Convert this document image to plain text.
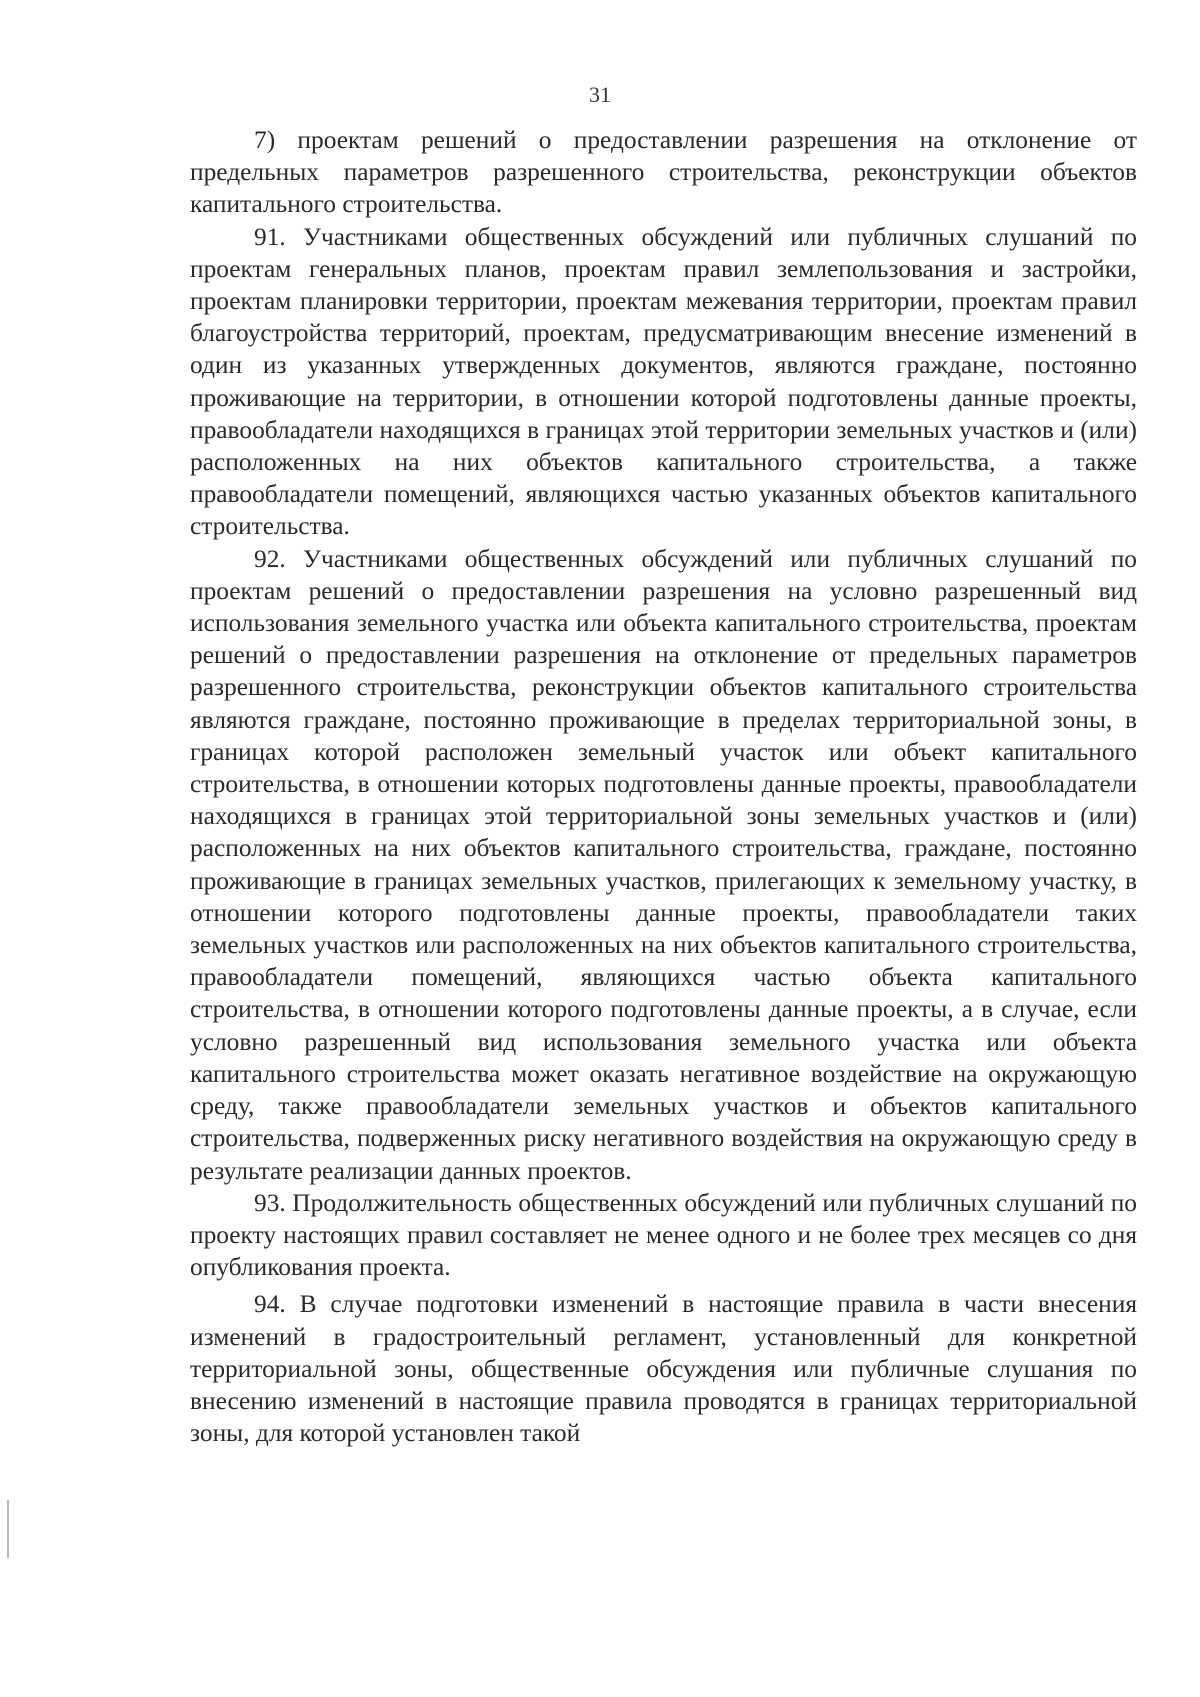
31

7) проектам решений о предоставлении разрешения на отклонение от предельных параметров разрешенного строительства, реконструкции объектов капитального строительства.

91. Участниками общественных обсуждений или публичных слушаний по проектам генеральных планов, проектам правил землепользования и застройки, проектам планировки территории, проектам межевания территории, проектам правил благоустройства территорий, проектам, предусматривающим внесение изменений в один из указанных утвержденных документов, являются граждане, постоянно проживающие на территории, в отношении которой подготовлены данные проекты, правообладатели находящихся в границах этой территории земельных участков и (или) расположенных на них объектов капитального строительства, а также правообладатели помещений, являющихся частью указанных объектов капитального строительства.

92. Участниками общественных обсуждений или публичных слушаний по проектам решений о предоставлении разрешения на условно разрешенный вид использования земельного участка или объекта капитального строительства, проектам решений о предоставлении разрешения на отклонение от предельных параметров разрешенного строительства, реконструкции объектов капитального строительства являются граждане, постоянно проживающие в пределах территориальной зоны, в границах которой расположен земельный участок или объект капитального строительства, в отношении которых подготовлены данные проекты, правообладатели находящихся в границах этой территориальной зоны земельных участков и (или) расположенных на них объектов капитального строительства, граждане, постоянно проживающие в границах земельных участков, прилегающих к земельному участку, в отношении которого подготовлены данные проекты, правообладатели таких земельных участков или расположенных на них объектов капитального строительства, правообладатели помещений, являющихся частью объекта капитального строительства, в отношении которого подготовлены данные проекты, а в случае, если условно разрешенный вид использования земельного участка или объекта капитального строительства может оказать негативное воздействие на окружающую среду, также правообладатели земельных участков и объектов капитального строительства, подверженных риску негативного воздействия на окружающую среду в результате реализации данных проектов.

93. Продолжительность общественных обсуждений или публичных слушаний по проекту настоящих правил составляет не менее одного и не более трех месяцев со дня опубликования проекта.

94. В случае подготовки изменений в настоящие правила в части внесения изменений в градостроительный регламент, установленный для конкретной территориальной зоны, общественные обсуждения или публичные слушания по внесению изменений в настоящие правила проводятся в границах территориальной зоны, для которой установлен такой
